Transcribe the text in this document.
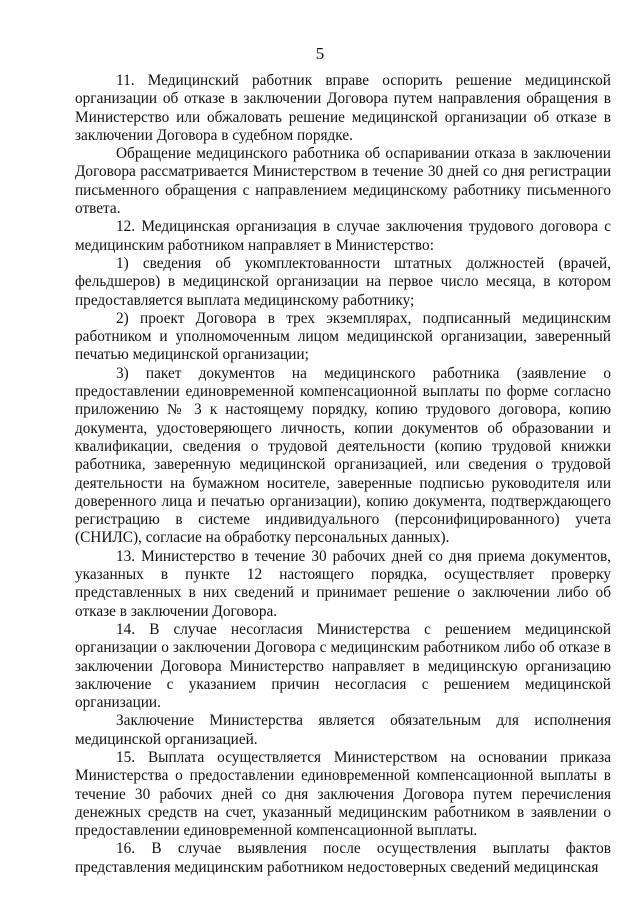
5

11. Медицинский работник вправе оспорить решение медицинской организации об отказе в заключении Договора путем направления обращения в Министерство или обжаловать решение медицинской организации об отказе в заключении Договора в судебном порядке.

Обращение медицинского работника об оспаривании отказа в заключении Договора рассматривается Министерством в течение 30 дней со дня регистрации письменного обращения с направлением медицинскому работнику письменного ответа.

12. Медицинская организация в случае заключения трудового договора с медицинским работником направляет в Министерство:

1) сведения об укомплектованности штатных должностей (врачей, фельдшеров) в медицинской организации на первое число месяца, в котором предоставляется выплата медицинскому работнику;

2) проект Договора в трех экземплярах, подписанный медицинским работником и уполномоченным лицом медицинской организации, заверенный печатью медицинской организации;

3) пакет документов на медицинского работника (заявление о предоставлении единовременной компенсационной выплаты по форме согласно приложению № 3 к настоящему порядку, копию трудового договора, копию документа, удостоверяющего личность, копии документов об образовании и квалификации, сведения о трудовой деятельности (копию трудовой книжки работника, заверенную медицинской организацией, или сведения о трудовой деятельности на бумажном носителе, заверенные подписью руководителя или доверенного лица и печатью организации), копию документа, подтверждающего регистрацию в системе индивидуального (персонифицированного) учета (СНИЛС), согласие на обработку персональных данных).

13. Министерство в течение 30 рабочих дней со дня приема документов, указанных в пункте 12 настоящего порядка, осуществляет проверку представленных в них сведений и принимает решение о заключении либо об отказе в заключении Договора.

14. В случае несогласия Министерства с решением медицинской организации о заключении Договора с медицинским работником либо об отказе в заключении Договора Министерство направляет в медицинскую организацию заключение с указанием причин несогласия с решением медицинской организации.

Заключение Министерства является обязательным для исполнения медицинской организацией.

15. Выплата осуществляется Министерством на основании приказа Министерства о предоставлении единовременной компенсационной выплаты в течение 30 рабочих дней со дня заключения Договора путем перечисления денежных средств на счет, указанный медицинским работником в заявлении о предоставлении единовременной компенсационной выплаты.

16. В случае выявления после осуществления выплаты фактов представления медицинским работником недостоверных сведений медицинская
